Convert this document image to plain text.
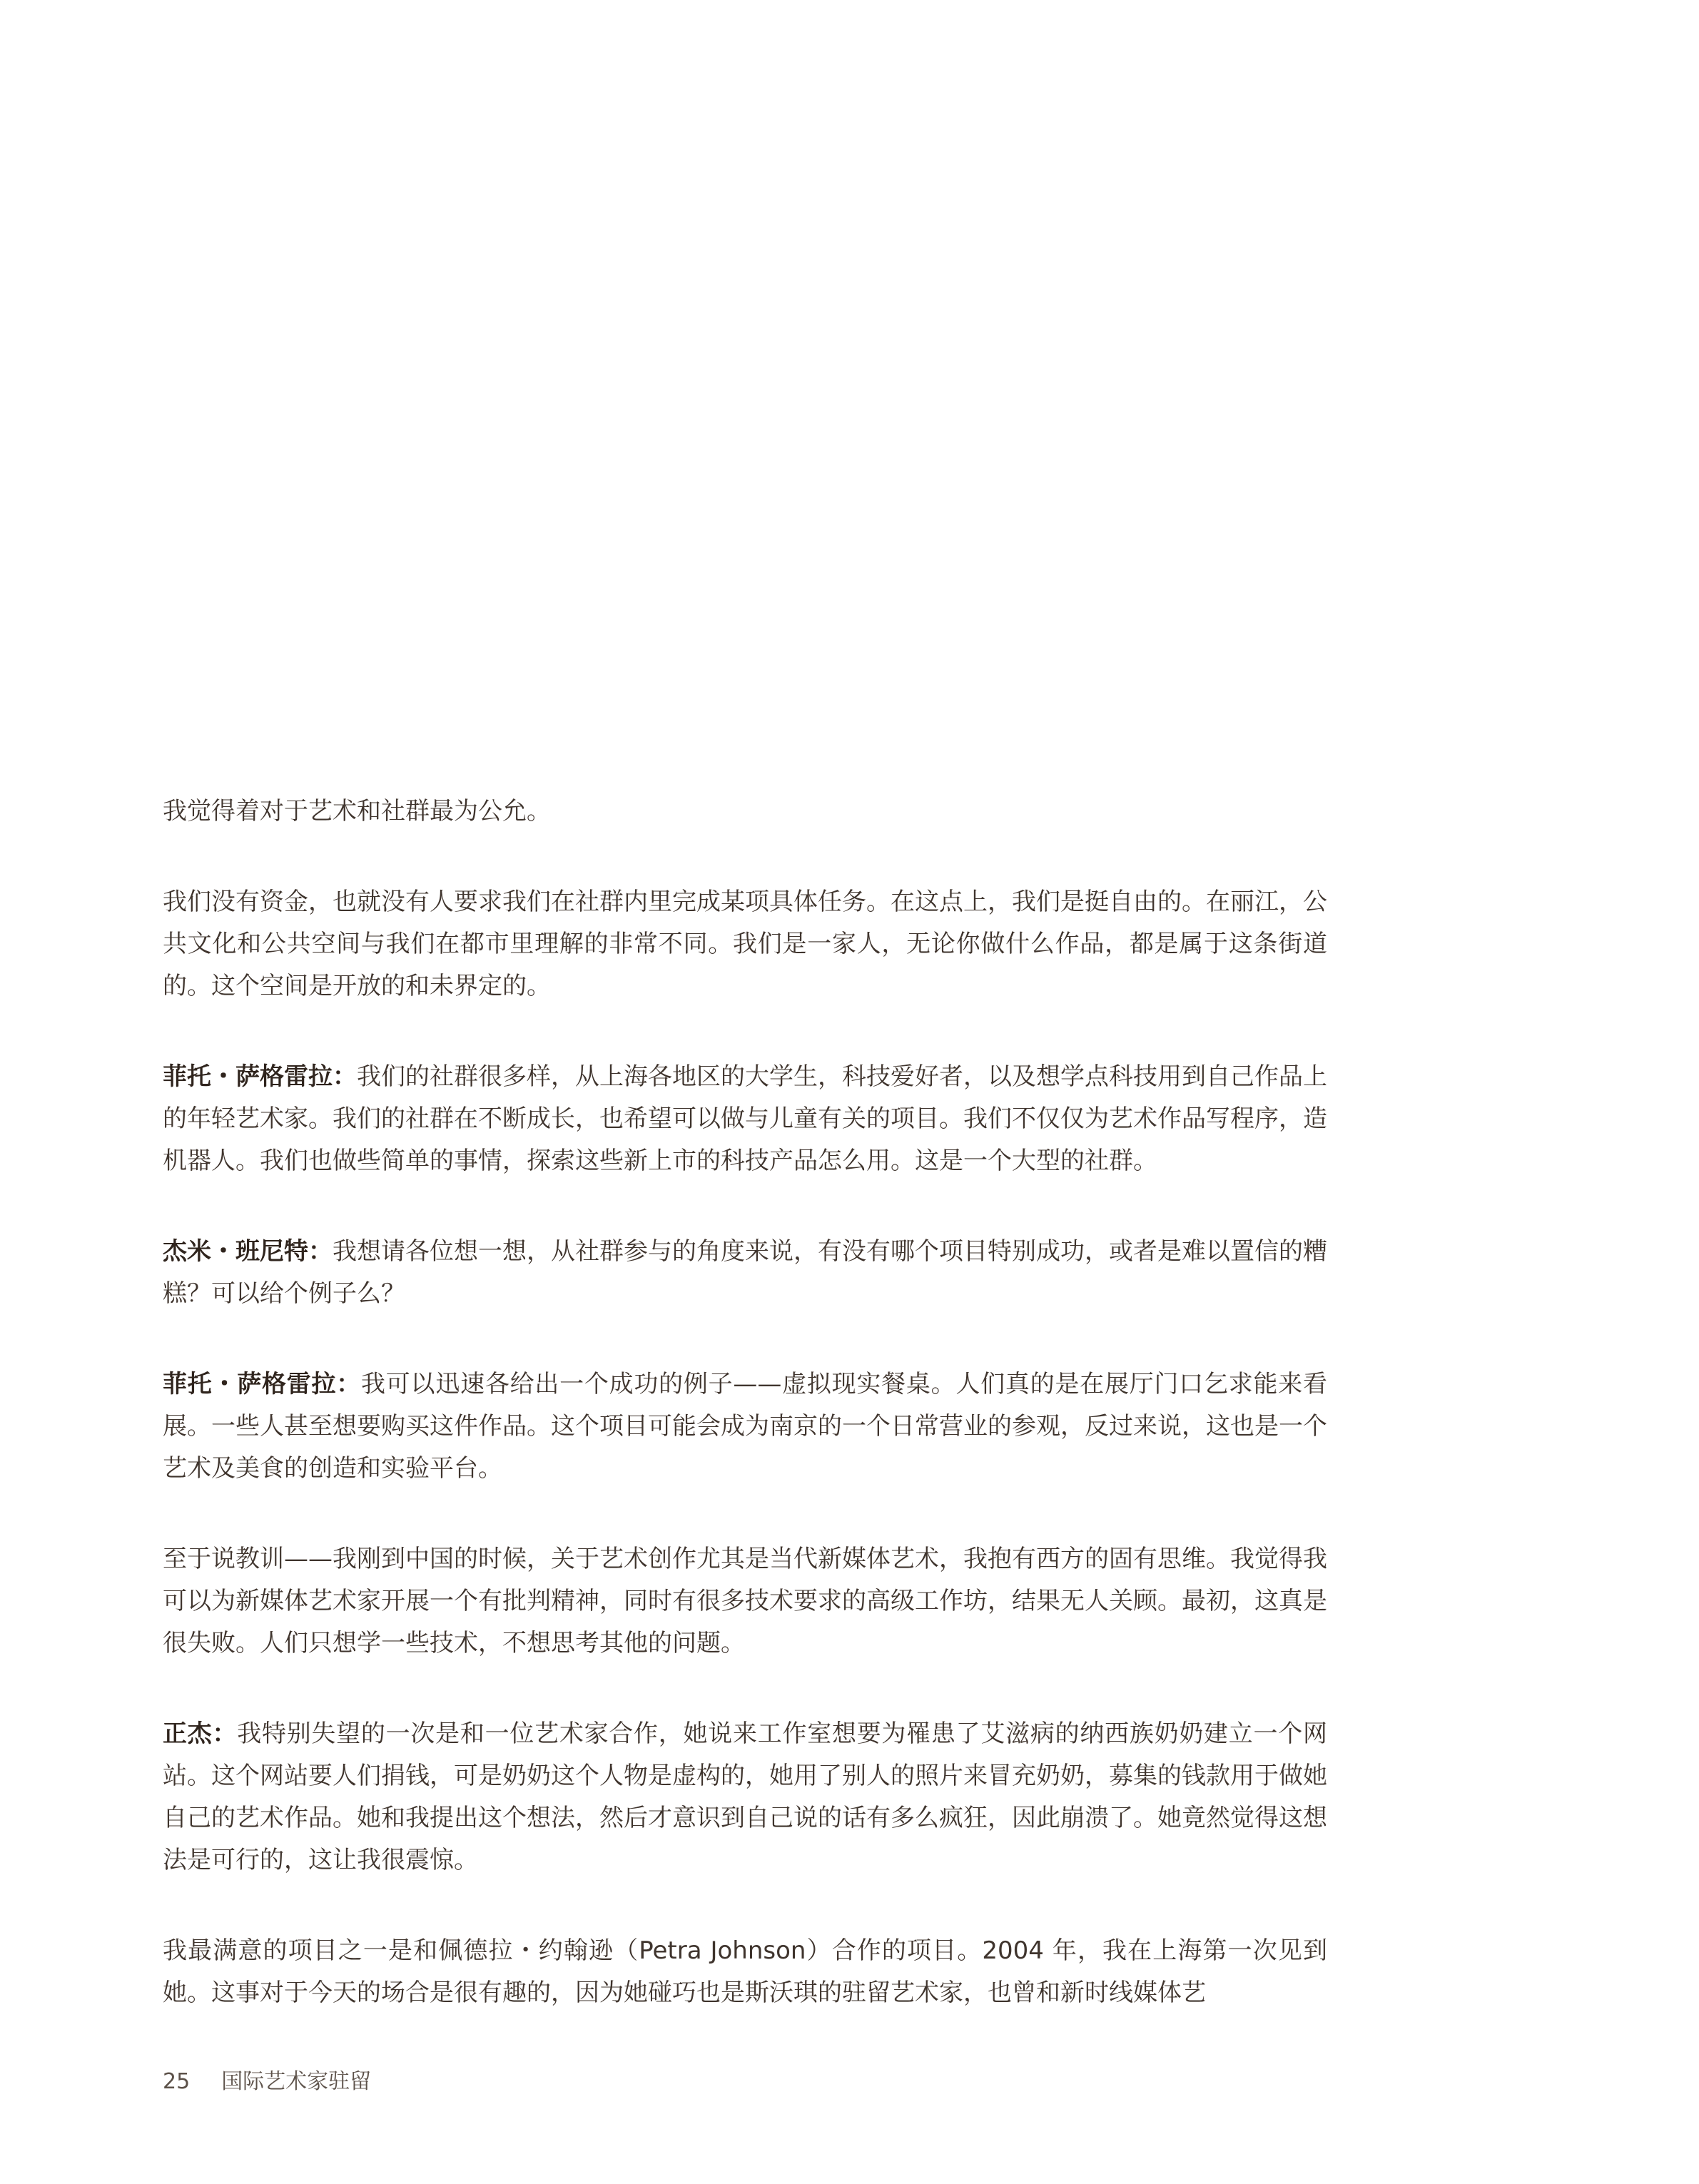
我觉得着对于艺术和社群最为公允。

我们没有资金，也就没有人要求我们在社群内里完成某项具体任务。在这点上，我们是挺自由的。在丽江，公共文化和公共空间与我们在都市里理解的非常不同。我们是一家人，无论你做什么作品，都是属于这条街道的。这个空间是开放的和未界定的。

菲托・萨格雷拉：我们的社群很多样，从上海各地区的大学生，科技爱好者，以及想学点科技用到自己作品上的年轻艺术家。我们的社群在不断成长，也希望可以做与儿童有关的项目。我们不仅仅为艺术作品写程序，造机器人。我们也做些简单的事情，探索这些新上市的科技产品怎么用。这是一个大型的社群。

杰米・班尼特：我想请各位想一想，从社群参与的角度来说，有没有哪个项目特别成功，或者是难以置信的糟糕？可以给个例子么？

菲托・萨格雷拉：我可以迅速各给出一个成功的例子——虚拟现实餐桌。人们真的是在展厅门口乞求能来看展。一些人甚至想要购买这件作品。这个项目可能会成为南京的一个日常营业的参观，反过来说，这也是一个艺术及美食的创造和实验平台。

至于说教训——我刚到中国的时候，关于艺术创作尤其是当代新媒体艺术，我抱有西方的固有思维。我觉得我可以为新媒体艺术家开展一个有批判精神，同时有很多技术要求的高级工作坊，结果无人关顾。最初，这真是很失败。人们只想学一些技术，不想思考其他的问题。

正杰：我特别失望的一次是和一位艺术家合作，她说来工作室想要为罹患了艾滋病的纳西族奶奶建立一个网站。这个网站要人们捐钱，可是奶奶这个人物是虚构的，她用了别人的照片来冒充奶奶，募集的钱款用于做她自己的艺术作品。她和我提出这个想法，然后才意识到自己说的话有多么疯狂，因此崩溃了。她竟然觉得这想法是可行的，这让我很震惊。

我最满意的项目之一是和佩德拉・约翰逊（Petra Johnson）合作的项目。2004 年，我在上海第一次见到她。这事对于今天的场合是很有趣的，因为她碰巧也是斯沃琪的驻留艺术家，也曾和新时线媒体艺

25 国际艺术家驻留
